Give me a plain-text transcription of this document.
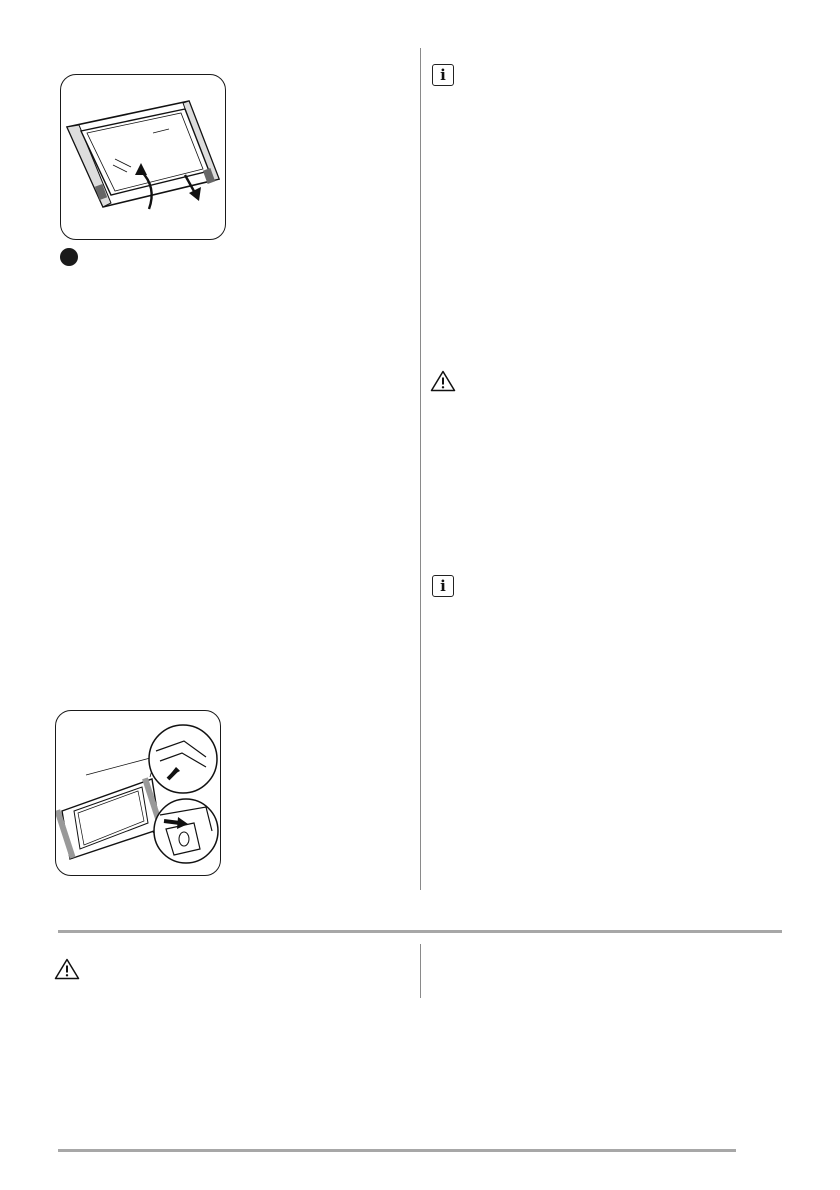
i
i
